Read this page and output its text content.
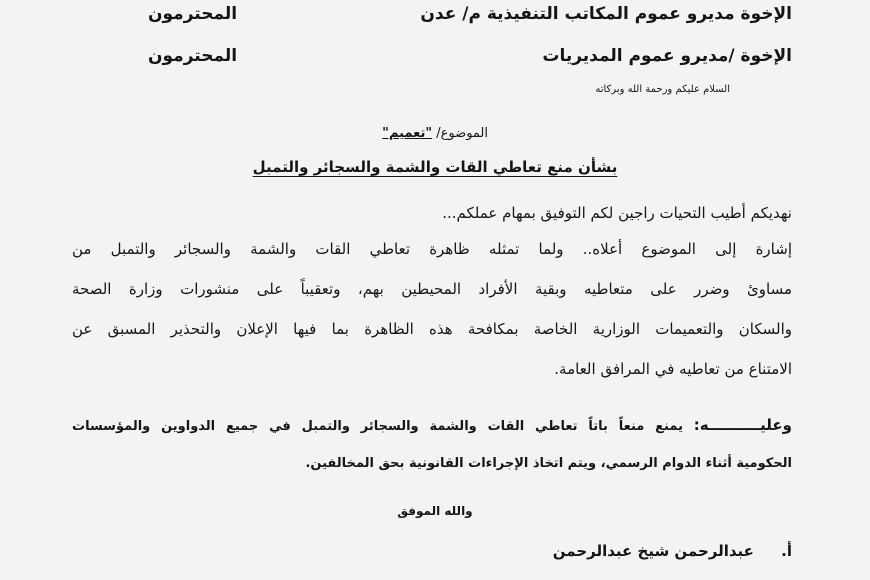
الإخوة مديرو عموم المكاتب التنفيذية م/ عدن
المحترمون
الإخوة /مديرو عموم المديريات
المحترمون
السلام عليكم ورحمة الله وبركاته
الموضوع/ "تعميم"
بشأن منع تعاطي القات والشمة والسجائر والتمبل
نهديكم أطيب التحيات راجين لكم التوفيق بمهام عملكم...
إشارة إلى الموضوع أعلاه.. ولما تمثله ظاهرة تعاطي القات والشمة والسجائر والتمبل من
مساوئ وضرر على متعاطيه وبقية الأفراد المحيطين بهم، وتعقيباً على منشورات وزارة الصحة
والسكان والتعميمات الوزارية الخاصة بمكافحة هذه الظاهرة بما فيها الإعلان والتحذير المسبق عن
الامتناع من تعاطيه في المرافق العامة.
وعليــــــــــه: يمنع منعاً باتاً تعاطي القات والشمة والسجائر والتمبل في جميع الدواوين والمؤسسات
الحكومية أثناء الدوام الرسمي، ويتم اتخاذ الإجراءات القانونية بحق المخالفين.
والله الموفق
أ. عبدالرحمن شيخ عبدالرحمن
